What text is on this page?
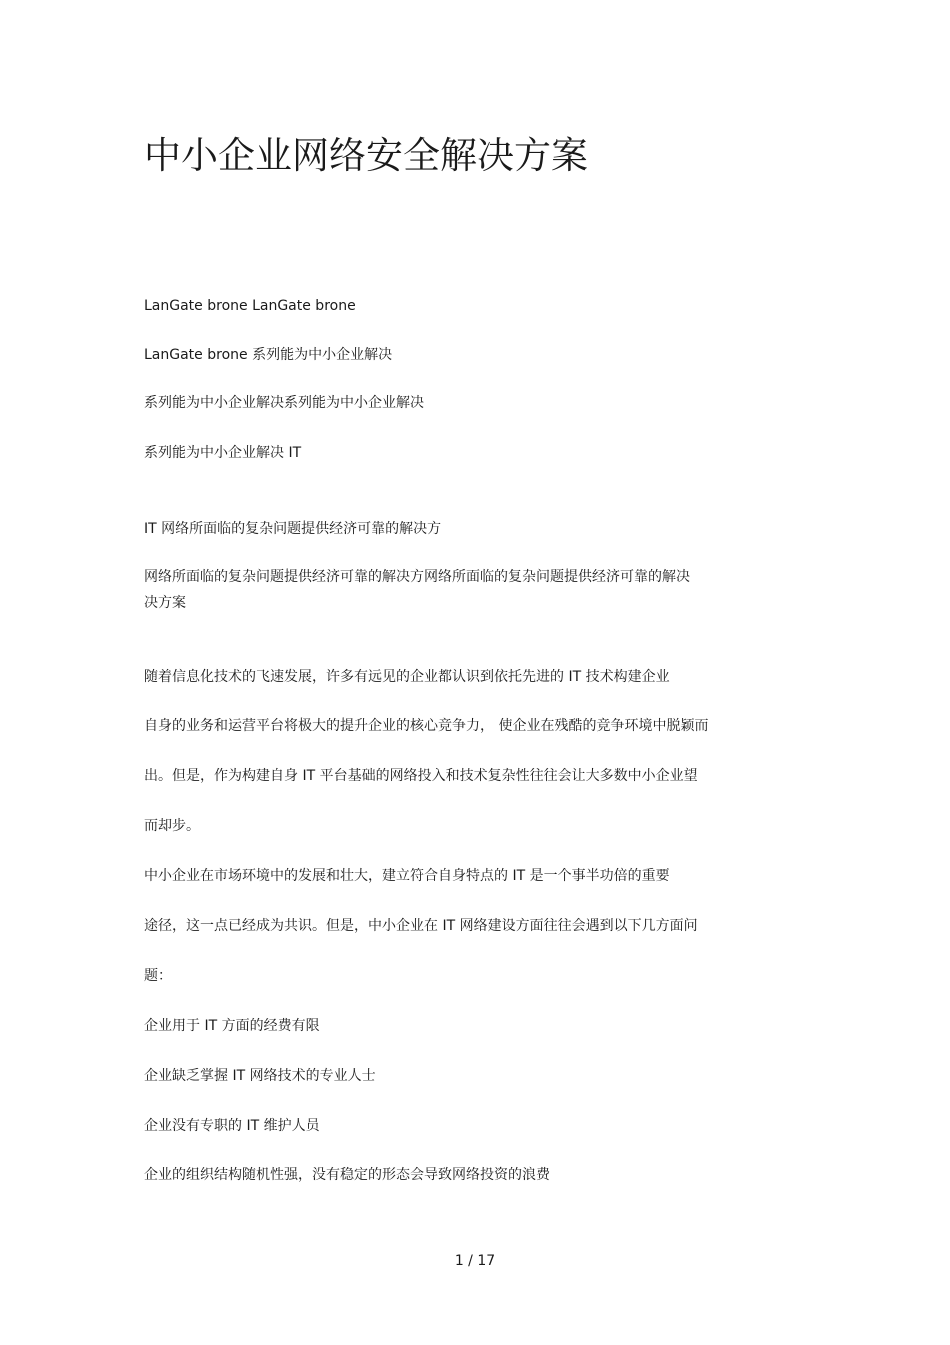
中小企业网络安全解决方案

LanGate brone LanGate brone

LanGate brone 系列能为中小企业解决

系列能为中小企业解决系列能为中小企业解决

系列能为中小企业解决 IT

IT 网络所面临的复杂问题提供经济可靠的解决方

网络所面临的复杂问题提供经济可靠的解决方网络所面临的复杂问题提供经济可靠的解决

决方案

随着信息化技术的飞速发展，许多有远见的企业都认识到依托先进的 IT 技术构建企业

自身的业务和运营平台将极大的提升企业的核心竞争力， 使企业在残酷的竞争环境中脱颖而

出。但是，作为构建自身 IT 平台基础的网络投入和技术复杂性往往会让大多数中小企业望

而却步。

中小企业在市场环境中的发展和壮大，建立符合自身特点的 IT 是一个事半功倍的重要

途径，这一点已经成为共识。但是，中小企业在 IT 网络建设方面往往会遇到以下几方面问

题：

企业用于 IT 方面的经费有限

企业缺乏掌握 IT 网络技术的专业人士

企业没有专职的 IT 维护人员

企业的组织结构随机性强，没有稳定的形态会导致网络投资的浪费

1 / 17
